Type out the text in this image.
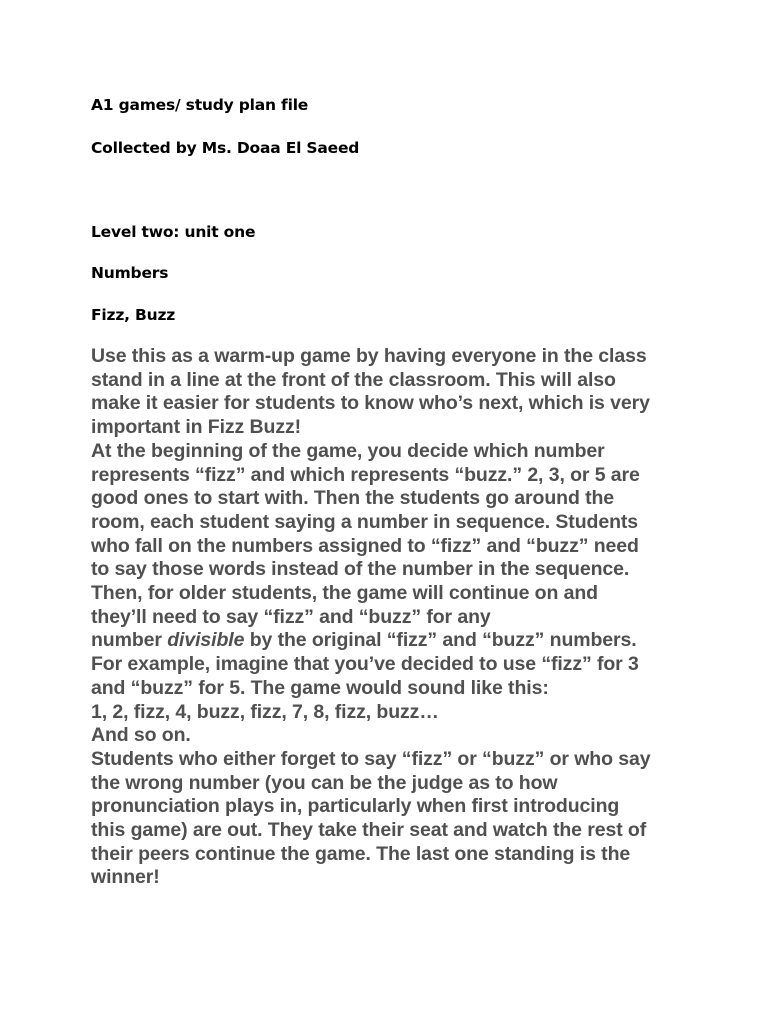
A1 games/ study plan file
Collected by Ms. Doaa El Saeed
Level two: unit one
Numbers
Fizz, Buzz
Use this as a warm-up game by having everyone in the class
stand in a line at the front of the classroom. This will also
make it easier for students to know who’s next, which is very
important in Fizz Buzz!
At the beginning of the game, you decide which number
represents “fizz” and which represents “buzz.” 2, 3, or 5 are
good ones to start with. Then the students go around the
room, each student saying a number in sequence. Students
who fall on the numbers assigned to “fizz” and “buzz” need
to say those words instead of the number in the sequence.
Then, for older students, the game will continue on and
they’ll need to say “fizz” and “buzz” for any
number divisible by the original “fizz” and “buzz” numbers.
For example, imagine that you’ve decided to use “fizz” for 3
and “buzz” for 5. The game would sound like this:
1, 2, fizz, 4, buzz, fizz, 7, 8, fizz, buzz…
And so on.
Students who either forget to say “fizz” or “buzz” or who say
the wrong number (you can be the judge as to how
pronunciation plays in, particularly when first introducing
this game) are out. They take their seat and watch the rest of
their peers continue the game. The last one standing is the
winner!
